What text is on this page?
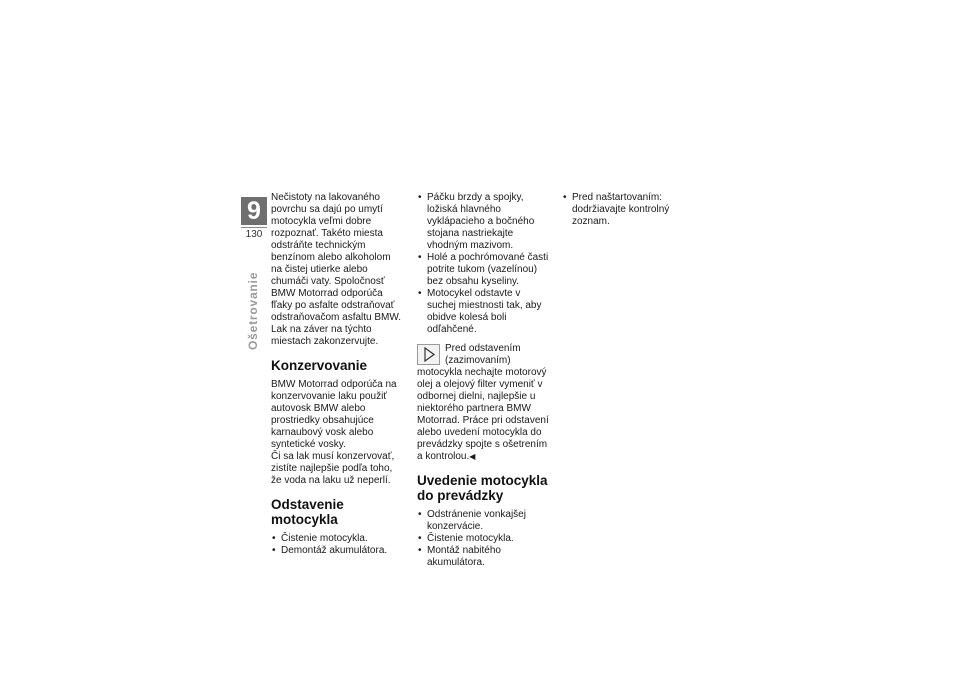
9
130
Ošetrovanie

Nečistoty na lakovaného povrchu sa dajú po umytí motocykla veľmi dobre rozpoznať. Takéto miesta odstráňte technickým benzínom alebo alkoholom na čistej utierke alebo chumáči vaty. Spoločnosť BMW Motorrad odporúča fľaky po asfalte odstraňovať odstraňovačom asfaltu BMW. Lak na záver na týchto miestach zakonzervujte.

Konzervovanie

BMW Motorrad odporúča na konzervovanie laku použiť autovosk BMW alebo prostriedky obsahujúce karnaubový vosk alebo syntetické vosky.

Či sa lak musí konzervovať, zistíte najlepšie podľa toho, že voda na laku už neperlí.

Odstavenie motocykla
• Čistenie motocykla.
• Demontáž akumulátora.
• Páčku brzdy a spojky, ložiská hlavného vyklápacieho a bočného stojana nastriekajte vhodným mazivom.
• Holé a pochrómované časti potrite tukom (vazelínou) bez obsahu kyseliny.
• Motocykel odstavte v suchej miestnosti tak, aby obidve kolesá boli odľahčené.
Pred odstavením (zazimovaním) motocykla nechajte motorový olej a olejový filter vymeniť v odbornej dielni, najlepšie u niektorého partnera BMW Motorrad. Práce pri odstavení alebo uvedení motocykla do prevádzky spojte s ošetrením a kontrolou.◀
Uvedenie motocykla do prevádzky
• Odstránenie vonkajšej konzervácie.
• Čistenie motocykla.
• Montáž nabitého akumulátora.
• Pred naštartovaním: dodržiavajte kontrolný zoznam.
